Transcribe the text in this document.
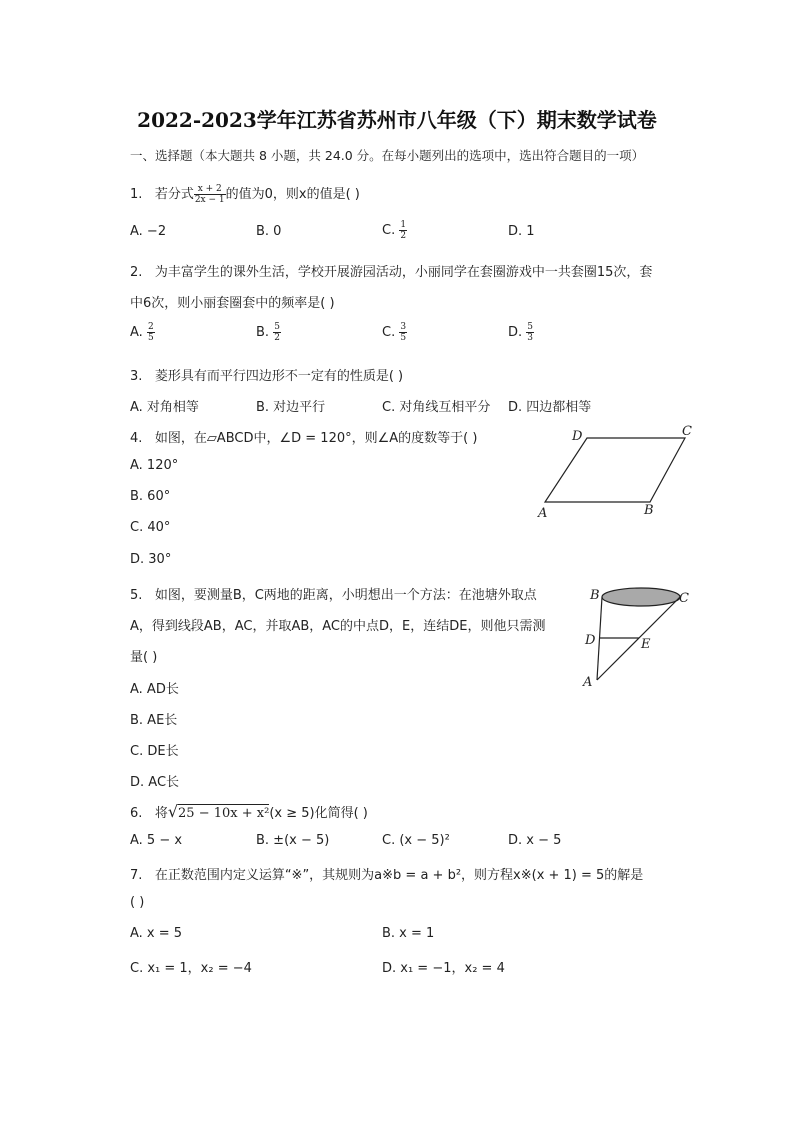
2022-2023学年江苏省苏州市八年级（下）期末数学试卷
一、选择题（本大题共 8 小题，共 24.0 分。在每小题列出的选项中，选出符合题目的一项）
1. 若分式 $\frac{x + 2}{2x - 1}$ 的值为0，则x的值是( )
A. −2	B. 0	C. $\frac{1}{2}$	D. 1
2. 为丰富学生的课外生活，学校开展游园活动，小丽同学在套圈游戏中一共套圈15次，套
中6次，则小丽套圈套中的频率是( )
A. $\frac{2}{5}$	B. $\frac{5}{2}$	C. $\frac{3}{5}$	D. $\frac{5}{3}$
3. 菱形具有而平行四边形不一定有的性质是( )
A. 对角相等	B. 对边平行	C. 对角线互相平分 D. 四边都相等
4. 如图，在▱ABCD中，∠D = 120°，则∠A的度数等于( )
A. 120°
B. 60°
C. 40°
D. 30°
D	C
A	B
5. 如图，要测量B，C两地的距离，小明想出一个方法：在池塘外取点
A，得到线段AB，AC，并取AB，AC的中点D，E，连结DE，则他只需测
量( )
A. AD长
B. AE长
C. DE长
D. AC长
B	C
D	E
A
6. 将√25 − 10x + x²(x ≥ 5)化简得( )
A. 5 − x	B. ±(x − 5)	C. (x − 5)²	D. x − 5
7. 在正数范围内定义运算“※”，其规则为a※b = a + b²，则方程x※(x + 1) = 5的解是
( )
A. x = 5	B. x = 1
C. x₁ = 1，x₂ = −4	D. x₁ = −1，x₂ = 4
